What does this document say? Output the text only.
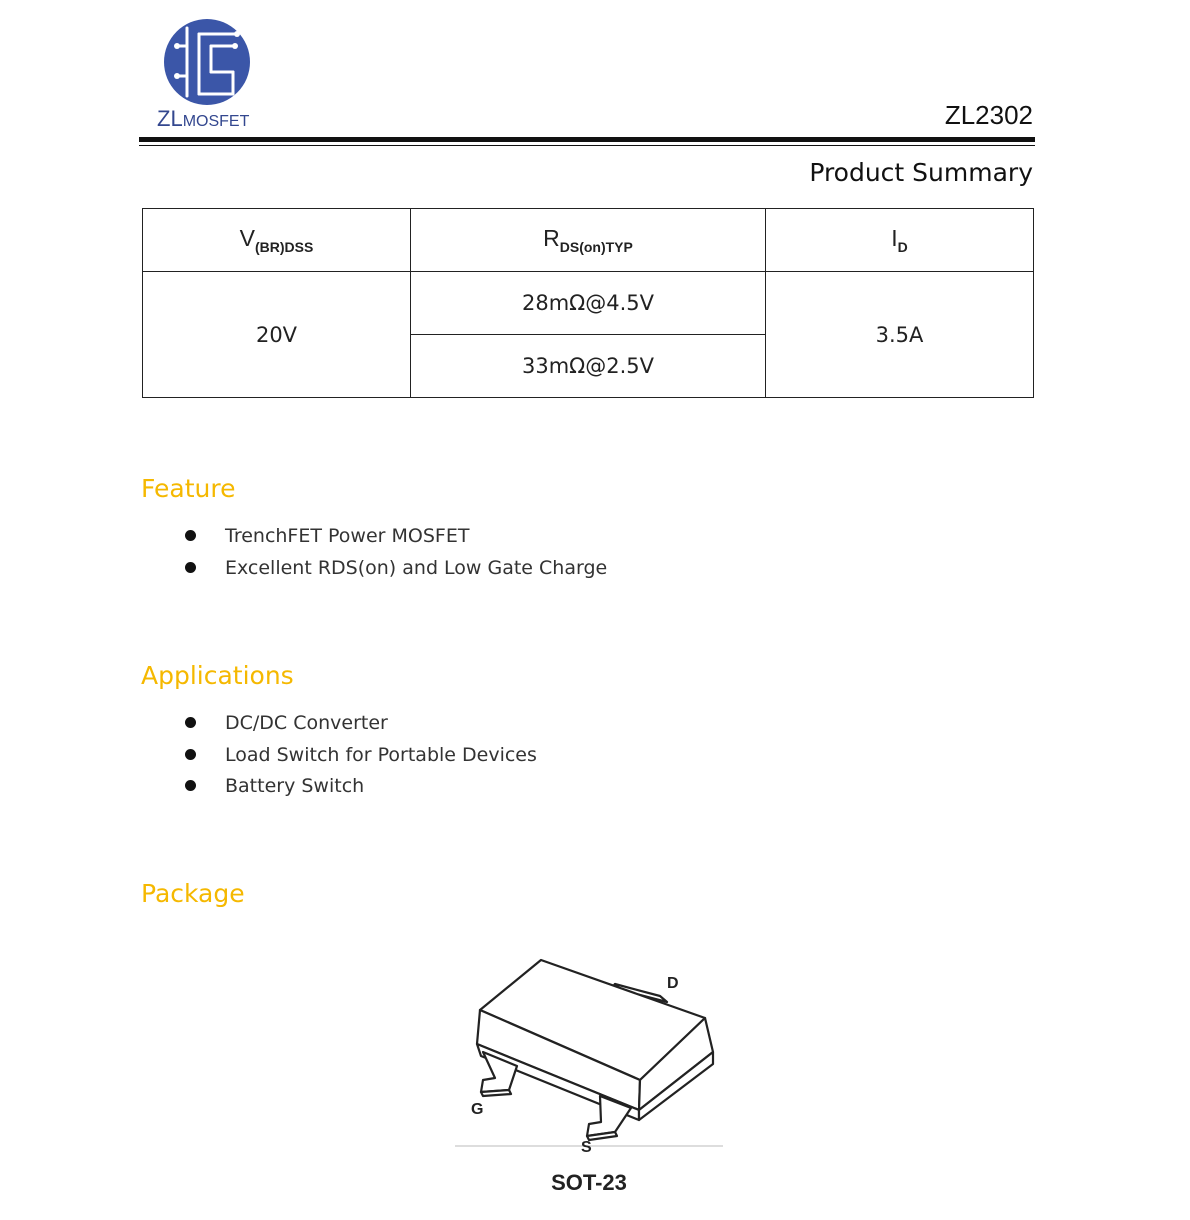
ZLMOSFET	ZL2302
Product Summary
$V_{(BR)DSS}$	$R_{DS(on)TYP}$	$I_D$
20V	28mΩ@4.5V	3.5A
	33mΩ@2.5V	
Feature
TrenchFET Power MOSFET
Excellent RDS(on) and Low Gate Charge
Applications
DC/DC Converter
Load Switch for Portable Devices
Battery Switch
Package
D
G
S
SOT-23
